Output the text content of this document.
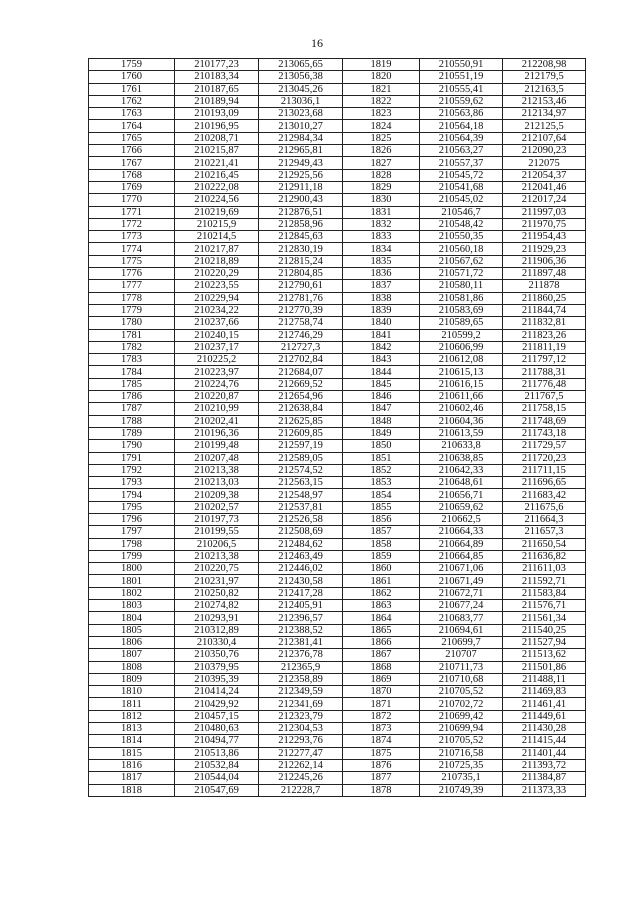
16
1759	210177,23	213065,65	1819	210550,91	212208,98
1760	210183,34	213056,38	1820	210551,19	212179,5
1761	210187,65	213045,26	1821	210555,41	212163,5
1762	210189,94	213036,1	1822	210559,62	212153,46
1763	210193,09	213023,68	1823	210563,86	212134,97
1764	210196,95	213010,27	1824	210564,18	212125,5
1765	210208,71	212984,34	1825	210564,39	212107,64
1766	210215,87	212965,81	1826	210563,27	212090,23
1767	210221,41	212949,43	1827	210557,37	212075
1768	210216,45	212925,56	1828	210545,72	212054,37
1769	210222,08	212911,18	1829	210541,68	212041,46
1770	210224,56	212900,43	1830	210545,02	212017,24
1771	210219,69	212876,51	1831	210546,7	211997,03
1772	210215,9	212858,96	1832	210548,42	211970,75
1773	210214,5	212845,63	1833	210550,35	211954,43
1774	210217,87	212830,19	1834	210560,18	211929,23
1775	210218,89	212815,24	1835	210567,62	211906,36
1776	210220,29	212804,85	1836	210571,72	211897,48
1777	210223,55	212790,61	1837	210580,11	211878
1778	210229,94	212781,76	1838	210581,86	211860,25
1779	210234,22	212770,39	1839	210583,69	211844,74
1780	210237,66	212758,74	1840	210589,65	211832,81
1781	210240,15	212746,29	1841	210599,2	211823,26
1782	210237,17	212727,3	1842	210606,99	211811,19
1783	210225,2	212702,84	1843	210612,08	211797,12
1784	210223,97	212684,07	1844	210615,13	211788,31
1785	210224,76	212669,52	1845	210616,15	211776,48
1786	210220,87	212654,96	1846	210611,66	211767,5
1787	210210,99	212638,84	1847	210602,46	211758,15
1788	210202,41	212625,85	1848	210604,36	211748,69
1789	210196,36	212609,85	1849	210613,59	211743,18
1790	210199,48	212597,19	1850	210633,8	211729,57
1791	210207,48	212589,05	1851	210638,85	211720,23
1792	210213,38	212574,52	1852	210642,33	211711,15
1793	210213,03	212563,15	1853	210648,61	211696,65
1794	210209,38	212548,97	1854	210656,71	211683,42
1795	210202,57	212537,81	1855	210659,62	211675,6
1796	210197,73	212526,58	1856	210662,5	211664,3
1797	210199,55	212508,69	1857	210664,33	211657,3
1798	210206,5	212484,62	1858	210664,89	211650,54
1799	210213,38	212463,49	1859	210664,85	211636,82
1800	210220,75	212446,02	1860	210671,06	211611,03
1801	210231,97	212430,58	1861	210671,49	211592,71
1802	210250,82	212417,28	1862	210672,71	211583,84
1803	210274,82	212405,91	1863	210677,24	211576,71
1804	210293,91	212396,57	1864	210683,77	211561,34
1805	210312,89	212388,52	1865	210694,61	211540,25
1806	210330,4	212381,41	1866	210699,7	211527,94
1807	210350,76	212376,78	1867	210707	211513,62
1808	210379,95	212365,9	1868	210711,73	211501,86
1809	210395,39	212358,89	1869	210710,68	211488,11
1810	210414,24	212349,59	1870	210705,52	211469,83
1811	210429,92	212341,69	1871	210702,72	211461,41
1812	210457,15	212323,79	1872	210699,42	211449,61
1813	210480,63	212304,53	1873	210699,94	211430,28
1814	210494,77	212293,76	1874	210705,52	211415,44
1815	210513,86	212277,47	1875	210716,58	211401,44
1816	210532,84	212262,14	1876	210725,35	211393,72
1817	210544,04	212245,26	1877	210735,1	211384,87
1818	210547,69	212228,7	1878	210749,39	211373,33
